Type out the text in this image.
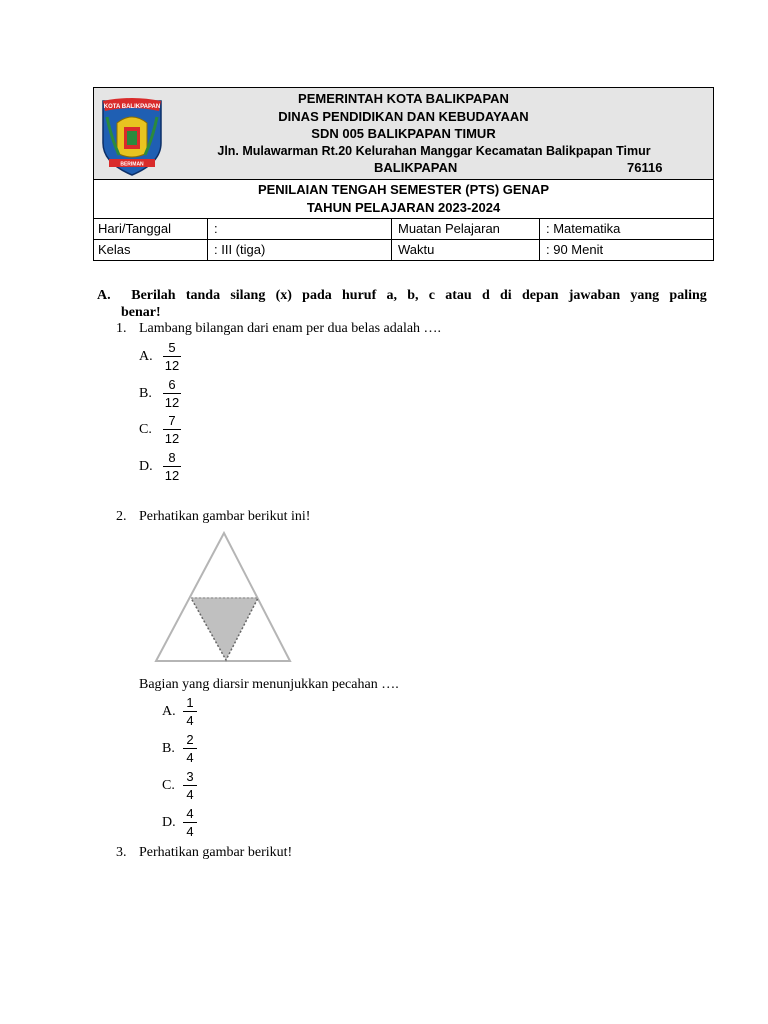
KOTA BALIKPAPAN
BERIMAN
PEMERINTAH KOTA BALIKPAPAN
DINAS PENDIDIKAN DAN KEBUDAYAAN
SDN 005 BALIKPAPAN TIMUR
Jln. Mulawarman Rt.20 Kelurahan Manggar Kecamatan Balikpapan Timur
BALIKPAPAN	76116
PENILAIAN TENGAH SEMESTER (PTS) GENAP
TAHUN PELAJARAN 2023-2024
Hari/Tanggal	:	Muatan Pelajaran	: Matematika
Kelas	: III (tiga)	Waktu	: 90 Menit
A.	Berilah tanda silang (x) pada huruf a, b, c atau d di depan jawaban yang paling
benar!
1. Lambang bilangan dari enam per dua belas adalah ….
A.
5
12
B.
6
12
C.
7
12
D.
8
12
2. Perhatikan gambar berikut ini!
Bagian yang diarsir menunjukkan pecahan ….
A.
1
4
B.
2
4
C.
3
4
D.
4
4
3. Perhatikan gambar berikut!
